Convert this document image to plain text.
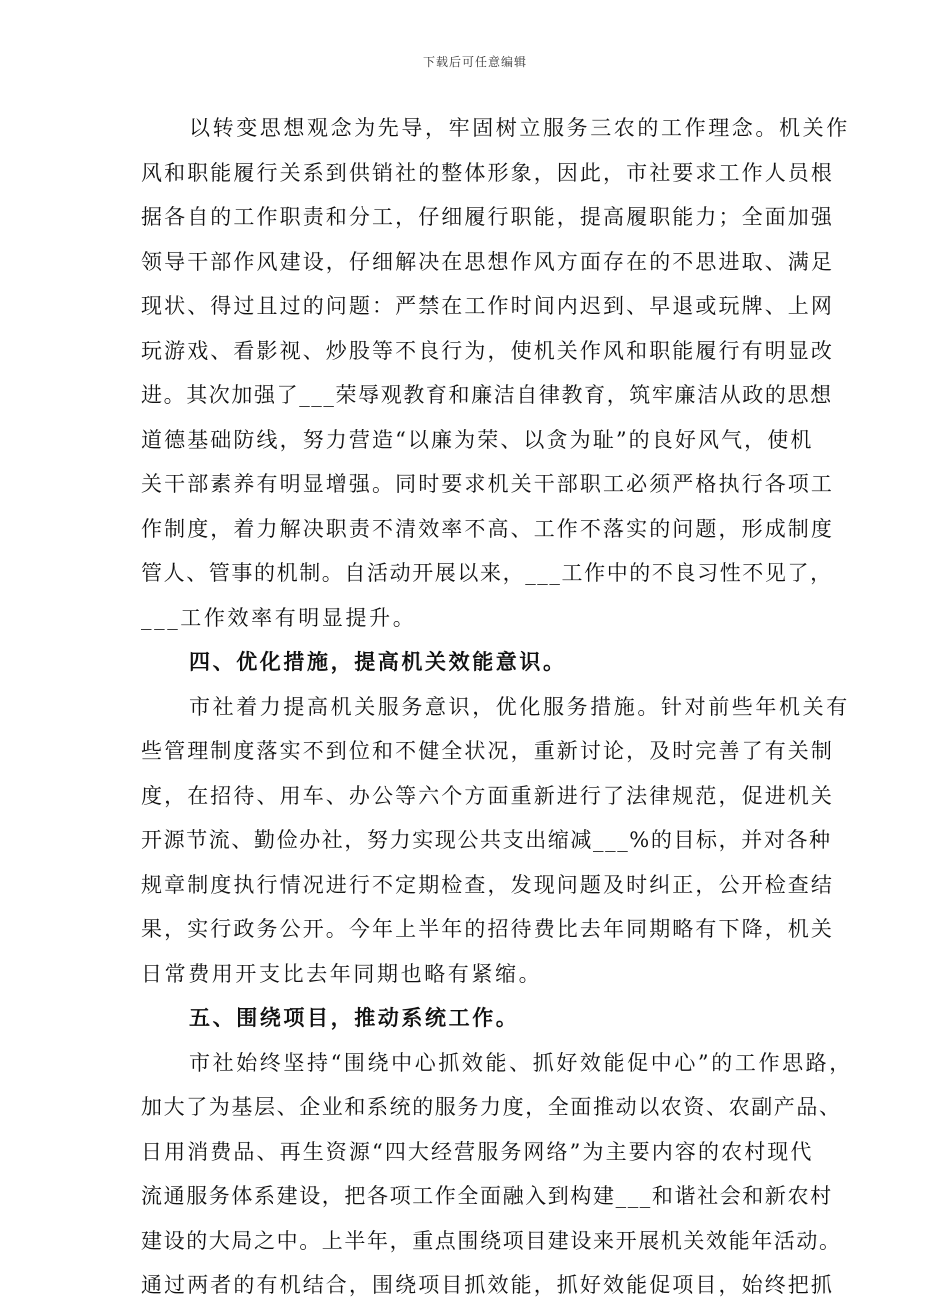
下载后可任意编辑
以转变思想观念为先导，牢固树立服务三农的工作理念。机关作
风和职能履行关系到供销社的整体形象，因此，市社要求工作人员根
据各自的工作职责和分工，仔细履行职能，提高履职能力；全面加强
领导干部作风建设，仔细解决在思想作风方面存在的不思进取、满足
现状、得过且过的问题：严禁在工作时间内迟到、早退或玩牌、上网
玩游戏、看影视、炒股等不良行为，使机关作风和职能履行有明显改
进。其次加强了___荣辱观教育和廉洁自律教育，筑牢廉洁从政的思想
道德基础防线，努力营造“以廉为荣、以贪为耻”的良好风气，使机
关干部素养有明显增强。同时要求机关干部职工必须严格执行各项工
作制度，着力解决职责不清效率不高、工作不落实的问题，形成制度
管人、管事的机制。自活动开展以来，___工作中的不良习性不见了，
___工作效率有明显提升。
四、优化措施，提高机关效能意识。
市社着力提高机关服务意识，优化服务措施。针对前些年机关有
些管理制度落实不到位和不健全状况，重新讨论，及时完善了有关制
度，在招待、用车、办公等六个方面重新进行了法律规范，促进机关
开源节流、勤俭办社，努力实现公共支出缩减___%的目标，并对各种
规章制度执行情况进行不定期检查，发现问题及时纠正，公开检查结
果，实行政务公开。今年上半年的招待费比去年同期略有下降，机关
日常费用开支比去年同期也略有紧缩。
五、围绕项目，推动系统工作。
市社始终坚持“围绕中心抓效能、抓好效能促中心”的工作思路，
加大了为基层、企业和系统的服务力度，全面推动以农资、农副产品、
日用消费品、再生资源“四大经营服务网络”为主要内容的农村现代
流通服务体系建设，把各项工作全面融入到构建___和谐社会和新农村
建设的大局之中。上半年，重点围绕项目建设来开展机关效能年活动。
通过两者的有机结合，围绕项目抓效能，抓好效能促项目，始终把抓
